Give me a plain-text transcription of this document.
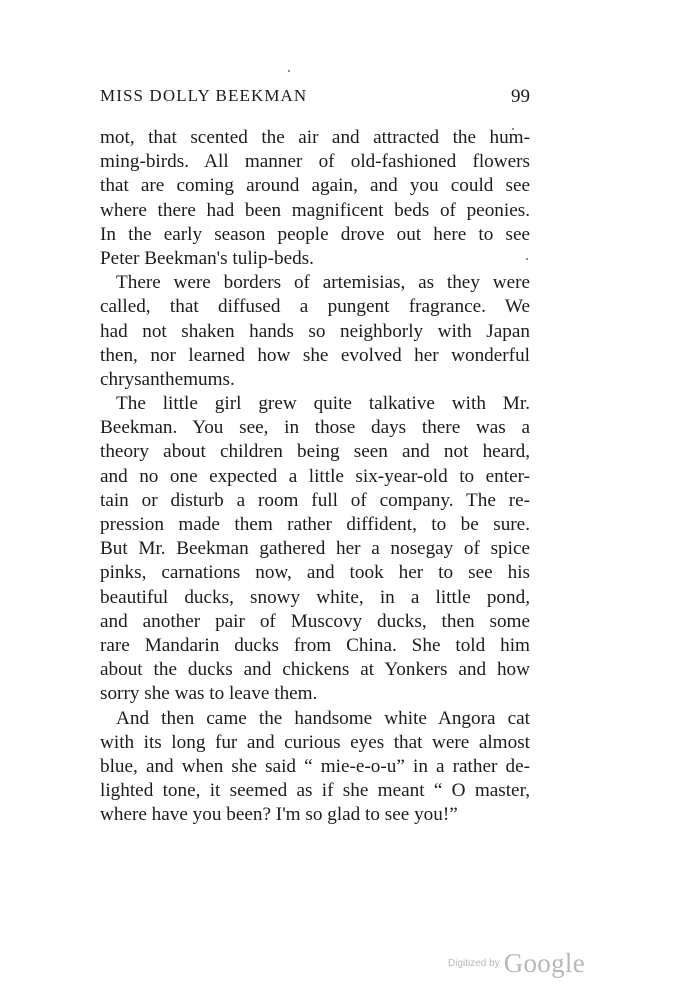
MISS DOLLY BEEKMAN	99
mot, that scented the air and attracted the hum-
ming-birds. All manner of old-fashioned flowers
that are coming around again, and you could see
where there had been magnificent beds of peonies.
In the early season people drove out here to see
Peter Beekman's tulip-beds.
There were borders of artemisias, as they were
called, that diffused a pungent fragrance. We
had not shaken hands so neighborly with Japan
then, nor learned how she evolved her wonderful
chrysanthemums.
The little girl grew quite talkative with Mr.
Beekman. You see, in those days there was a
theory about children being seen and not heard,
and no one expected a little six-year-old to enter-
tain or disturb a room full of company. The re-
pression made them rather diffident, to be sure.
But Mr. Beekman gathered her a nosegay of spice
pinks, carnations now, and took her to see his
beautiful ducks, snowy white, in a little pond,
and another pair of Muscovy ducks, then some
rare Mandarin ducks from China. She told him
about the ducks and chickens at Yonkers and how
sorry she was to leave them.
And then came the handsome white Angora cat
with its long fur and curious eyes that were almost
blue, and when she said “ mie-e-o-u” in a rather de-
lighted tone, it seemed as if she meant “ O master,
where have you been? I'm so glad to see you!”
Digitized by Google
